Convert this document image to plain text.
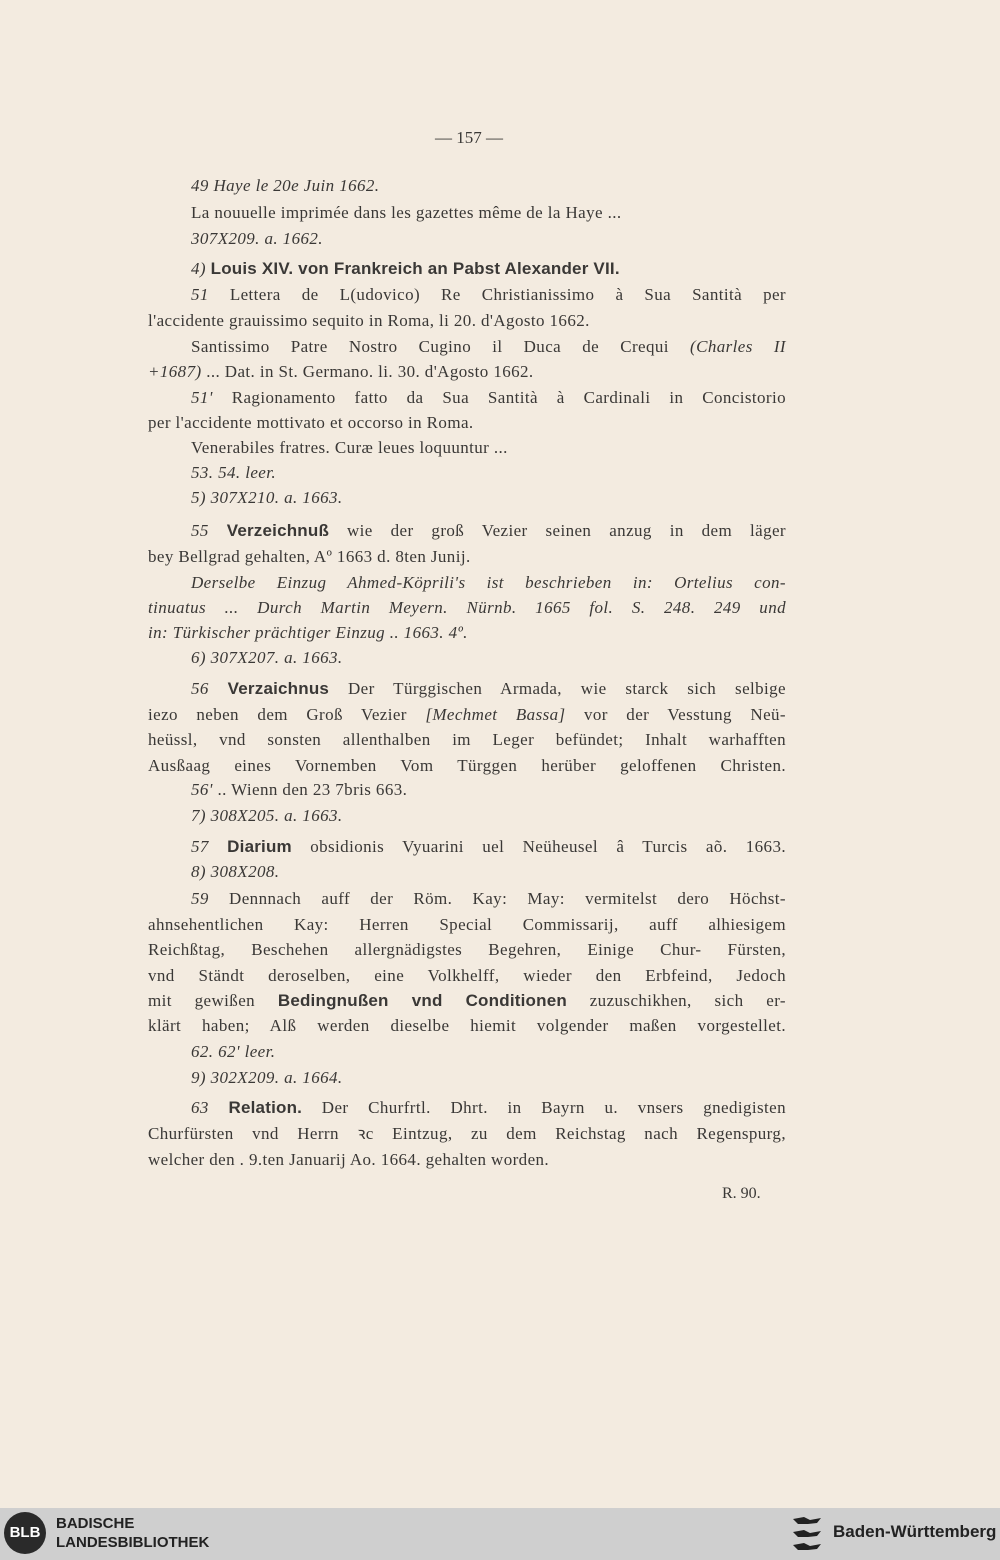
— 157 —
49 Haye le 20e Juin 1662.
La nouuelle imprimée dans les gazettes même de la Haye ...
307X209. a. 1662.
4) Louis XIV. von Frankreich an Pabst Alexander VII.
51 Lettera de L(udovico) Re Christianissimo à Sua Santità per
l'accidente grauissimo sequito in Roma, li 20. d'Agosto 1662.
Santissimo Patre Nostro Cugino il Duca de Crequi (Charles II
+1687) ... Dat. in St. Germano. li. 30. d'Agosto 1662.
51' Ragionamento fatto da Sua Santità à Cardinali in Concistorio
per l'accidente mottivato et occorso in Roma.
Venerabiles fratres. Curæ leues loquuntur ...
53. 54. leer.
5) 307X210. a. 1663.
55 Verzeichnuß wie der groß Vezier seinen anzug in dem läger
bey Bellgrad gehalten, Aº 1663 d. 8ten Junij.
Derselbe Einzug Ahmed-Köprili's ist beschrieben in: Ortelius con-
tinuatus ... Durch Martin Meyern. Nürnb. 1665 fol. S. 248. 249 und
in: Türkischer prächtiger Einzug .. 1663. 4º.
6) 307X207. a. 1663.
56 Verzaichnus Der Türggischen Armada, wie starck sich selbige
iezo neben dem Groß Vezier [Mechmet Bassa] vor der Vesstung Neü-
heüssl, vnd sonsten allenthalben im Leger befündet; Inhalt warhafften
Ausßaag eines Vornemben Vom Türggen herüber geloffenen Christen.
56' .. Wienn den 23 7bris 663.
7) 308X205. a. 1663.
57 Diarium obsidionis Vyuarini uel Neüheusel â Turcis aõ. 1663.
8) 308X208.
59 Dennnach auff der Röm. Kay: May: vermitelst dero Höchst-
ahnsehentlichen Kay: Herren Special Commissarij, auff alhiesigem
Reichßtag, Beschehen allergnädigstes Begehren, Einige Chur- Fürsten,
vnd Ständt deroselben, eine Volkhelff, wieder den Erbfeind, Jedoch
mit gewißen Bedingnußen vnd Conditionen zuzuschikhen, sich er-
klärt haben; Alß werden dieselbe hiemit volgender maßen vorgestellet.
62. 62' leer.
9) 302X209. a. 1664.
63 Relation. Der Churfrtl. Dhrt. in Bayrn u. vnsers gnedigisten
Churfürsten vnd Herrn ꝛc Eintzug, zu dem Reichstag nach Regenspurg,
welcher den . 9.ten Januarij Ao. 1664. gehalten worden.
R. 90.
BLB
BADISCHE
LANDESBIBLIOTHEK
Baden-Württemberg
